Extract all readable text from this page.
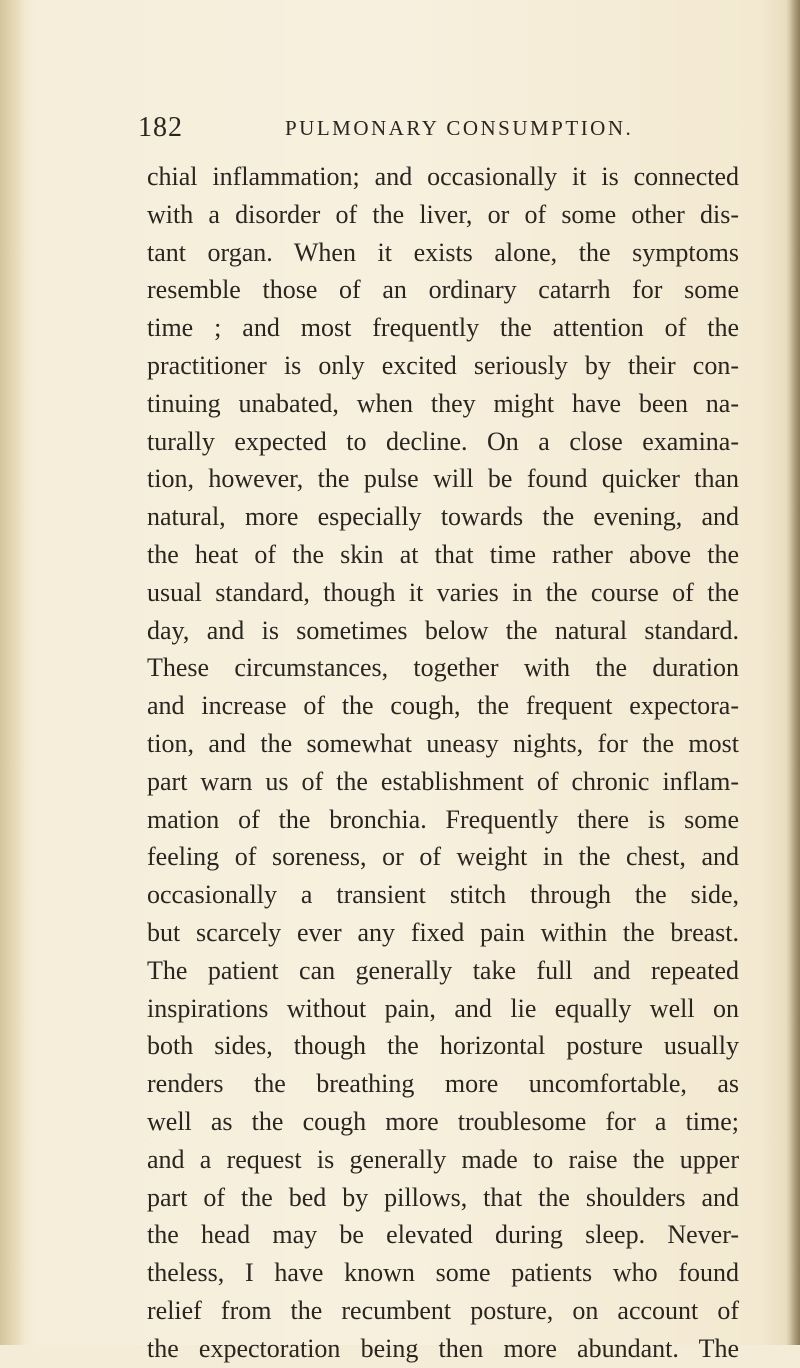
182	PULMONARY CONSUMPTION.
chial inflammation; and occasionally it is connected
with a disorder of the liver, or of some other dis-
tant organ. When it exists alone, the symptoms
resemble those of an ordinary catarrh for some
time ; and most frequently the attention of the
practitioner is only excited seriously by their con-
tinuing unabated, when they might have been na-
turally expected to decline. On a close examina-
tion, however, the pulse will be found quicker than
natural, more especially towards the evening, and
the heat of the skin at that time rather above the
usual standard, though it varies in the course of the
day, and is sometimes below the natural standard.
These circumstances, together with the duration
and increase of the cough, the frequent expectora-
tion, and the somewhat uneasy nights, for the most
part warn us of the establishment of chronic inflam-
mation of the bronchia. Frequently there is some
feeling of soreness, or of weight in the chest, and
occasionally a transient stitch through the side,
but scarcely ever any fixed pain within the breast.
The patient can generally take full and repeated
inspirations without pain, and lie equally well on
both sides, though the horizontal posture usually
renders the breathing more uncomfortable, as
well as the cough more troublesome for a time;
and a request is generally made to raise the upper
part of the bed by pillows, that the shoulders and
the head may be elevated during sleep. Never-
theless, I have known some patients who found
relief from the recumbent posture, on account of
the expectoration being then more abundant. The
